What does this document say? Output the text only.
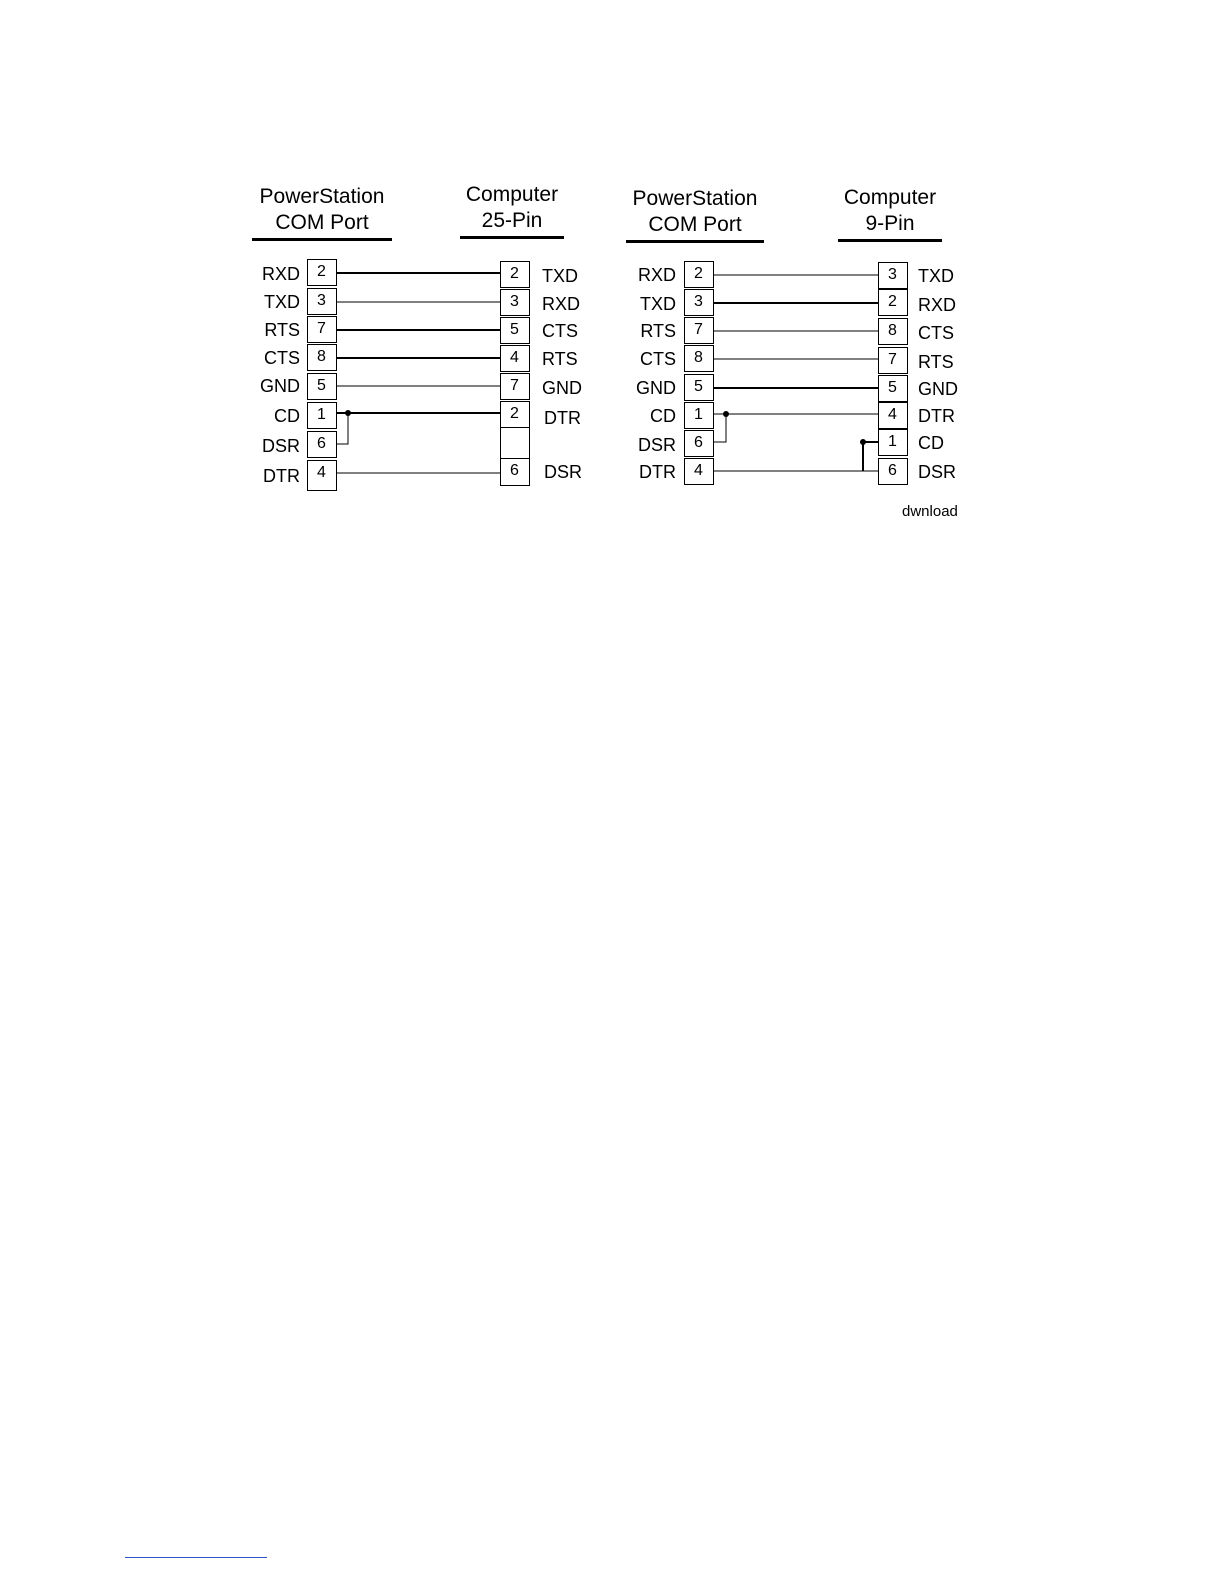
PowerStation
COM Port
Computer
25-Pin
PowerStation
COM Port
Computer
9-Pin
RXD
TXD
RTS
CTS
GND
CD
DSR
DTR
2
3
7
8
5
1
6
4
2
3
5
4
7
2
6
TXD
RXD
CTS
RTS
GND
DTR
DSR
RXD
TXD
RTS
CTS
GND
CD
DSR
DTR
2
3
7
8
5
1
6
4
3
2
8
7
5
4
1
6
TXD
RXD
CTS
RTS
GND
DTR
CD
DSR
dwnload
